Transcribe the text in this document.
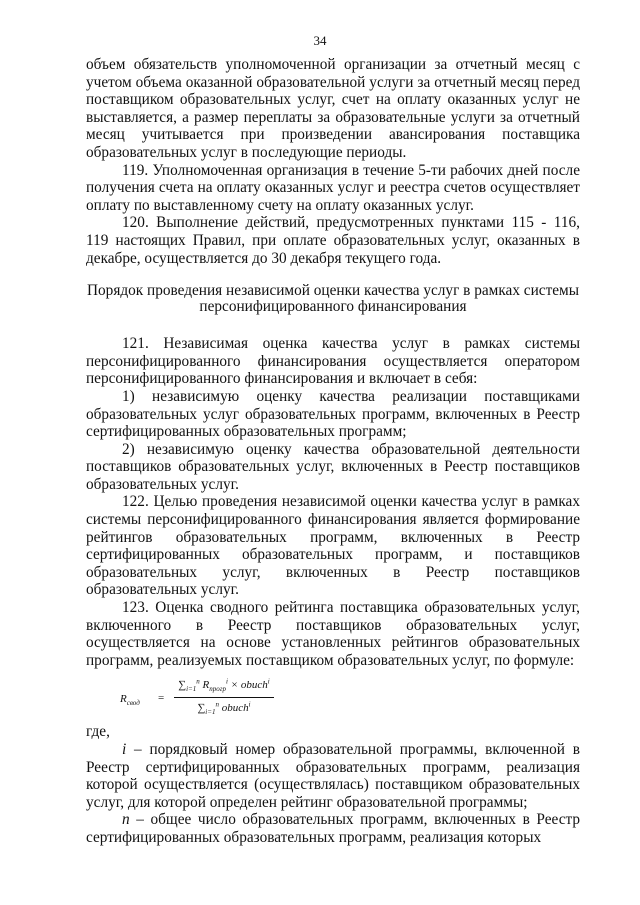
34

объем обязательств уполномоченной организации за отчетный месяц с учетом объема оказанной образовательной услуги за отчетный месяц перед поставщиком образовательных услуг, счет на оплату оказанных услуг не выставляется, а размер переплаты за образовательные услуги за отчетный месяц учитывается при произведении авансирования поставщика образовательных услуг в последующие периоды.

119. Уполномоченная организация в течение 5-ти рабочих дней после получения счета на оплату оказанных услуг и реестра счетов осуществляет оплату по выставленному счету на оплату оказанных услуг.

120. Выполнение действий, предусмотренных пунктами 115 - 116, 119 настоящих Правил, при оплате образовательных услуг, оказанных в декабре, осуществляется до 30 декабря текущего года.

Порядок проведения независимой оценки качества услуг в рамках системы персонифицированного финансирования

121. Независимая оценка качества услуг в рамках системы персонифицированного финансирования осуществляется оператором персонифицированного финансирования и включает в себя:

1) независимую оценку качества реализации поставщиками образовательных услуг образовательных программ, включенных в Реестр сертифицированных образовательных программ;

2) независимую оценку качества образовательной деятельности поставщиков образовательных услуг, включенных в Реестр поставщиков образовательных услуг.

122. Целью проведения независимой оценки качества услуг в рамках системы персонифицированного финансирования является формирование рейтингов образовательных программ, включенных в Реестр сертифицированных образовательных программ, и поставщиков образовательных услуг, включенных в Реестр поставщиков образовательных услуг.

123. Оценка сводного рейтинга поставщика образовательных услуг, включенного в Реестр поставщиков образовательных услуг, осуществляется на основе установленных рейтингов образовательных программ, реализуемых поставщиком образовательных услуг, по формуле:

$R_{свод}$ =
$\sum_{i=1}^n$ $R_{прогр}^i$ × obuch$^i$
$\sum_{i=1}^n$ obuch$^i$

где,

i – порядковый номер образовательной программы, включенной в Реестр сертифицированных образовательных программ, реализация которой осуществляется (осуществлялась) поставщиком образовательных услуг, для которой определен рейтинг образовательной программы;

n – общее число образовательных программ, включенных в Реестр сертифицированных образовательных программ, реализация которых
